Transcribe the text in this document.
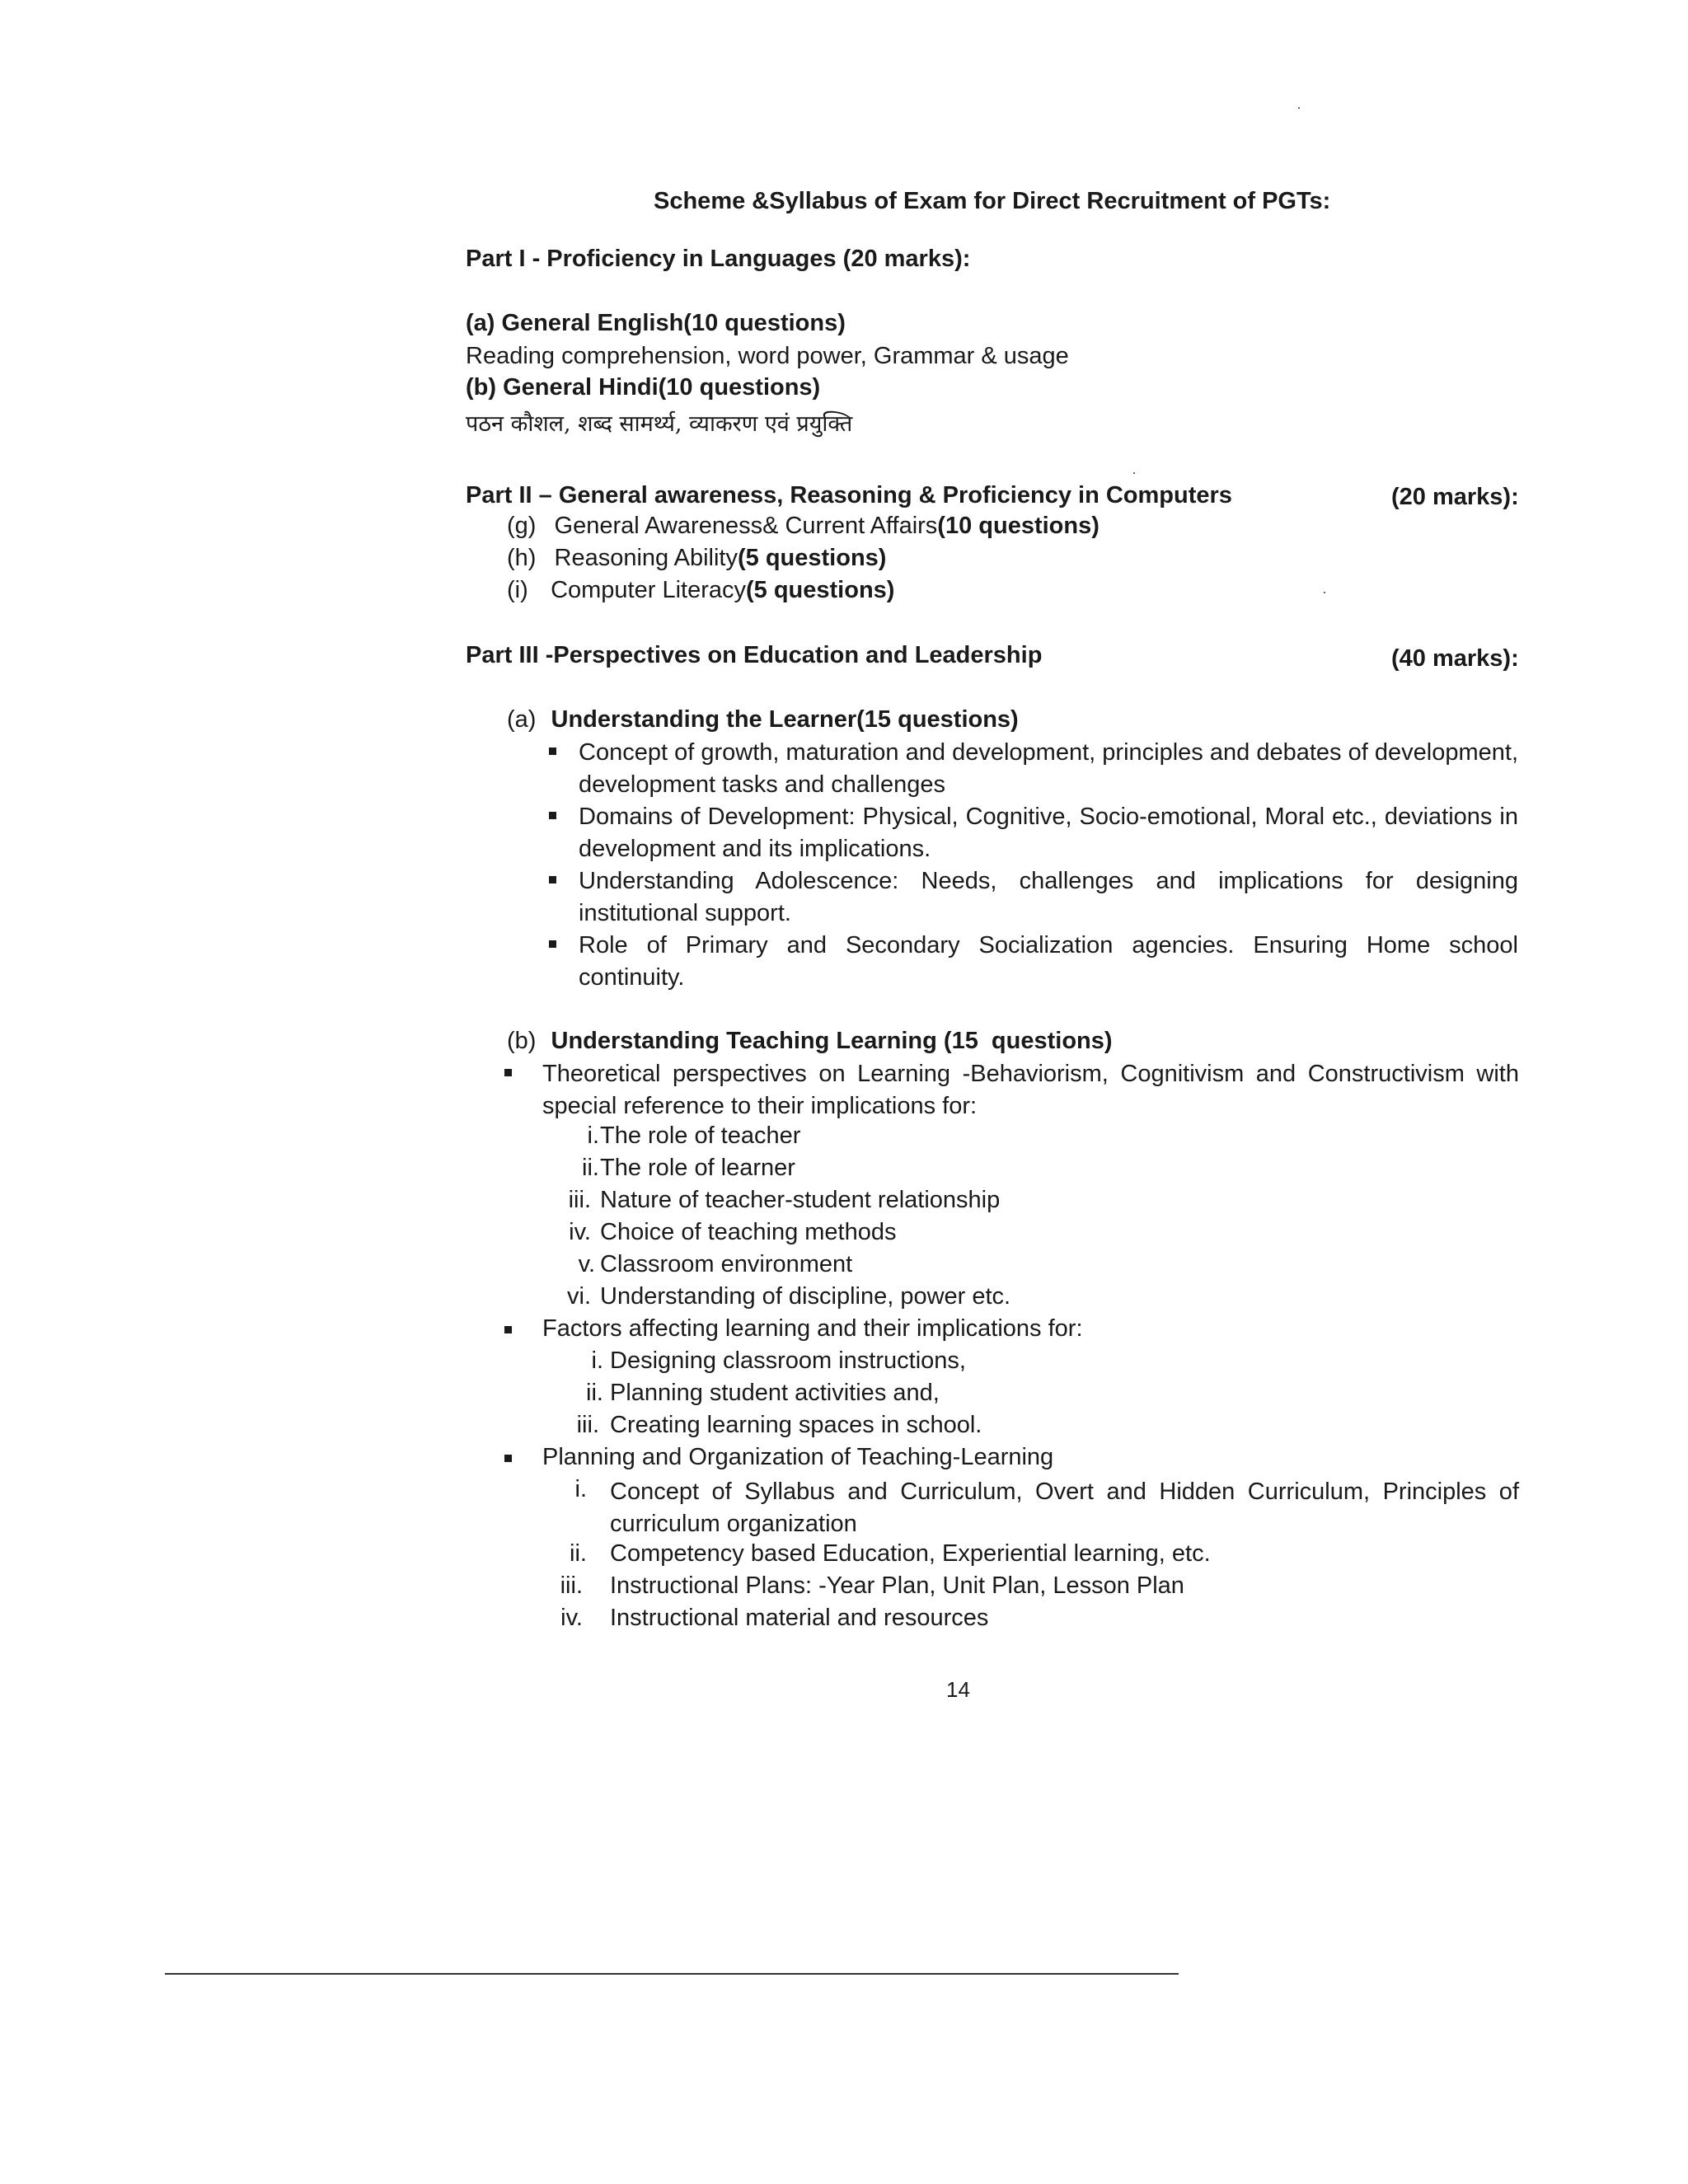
Scheme &Syllabus of Exam for Direct Recruitment of PGTs:
Part I - Proficiency in Languages (20 marks):
(a) General English(10 questions)
Reading comprehension, word power, Grammar & usage
(b) General Hindi(10 questions)
पठन कौशल, शब्द सामर्थ्य, व्याकरण एवं प्रयुक्ति
Part II – General awareness, Reasoning & Proficiency in Computers	(20 marks):
(g) General Awareness& Current Affairs(10 questions)
(h) Reasoning Ability(5 questions)
(i) Computer Literacy(5 questions)
Part III -Perspectives on Education and Leadership	(40 marks):
(a) Understanding the Learner(15 questions)
Concept of growth, maturation and development, principles and debates of development, development tasks and challenges
Domains of Development: Physical, Cognitive, Socio-emotional, Moral etc., deviations in development and its implications.
Understanding Adolescence: Needs, challenges and implications for designing institutional support.
Role of Primary and Secondary Socialization agencies. Ensuring Home school continuity.
(b) Understanding Teaching Learning (15  questions)
Theoretical perspectives on Learning -Behaviorism, Cognitivism and Constructivism with special reference to their implications for:
i. The role of teacher
ii. The role of learner
iii. Nature of teacher-student relationship
iv. Choice of teaching methods
v. Classroom environment
vi. Understanding of discipline, power etc.
Factors affecting learning and their implications for:
i. Designing classroom instructions,
ii. Planning student activities and,
iii. Creating learning spaces in school.
Planning and Organization of Teaching-Learning
i. Concept of Syllabus and Curriculum, Overt and Hidden Curriculum, Principles of curriculum organization
ii. Competency based Education, Experiential learning, etc.
iii. Instructional Plans: -Year Plan, Unit Plan, Lesson Plan
iv. Instructional material and resources
14
